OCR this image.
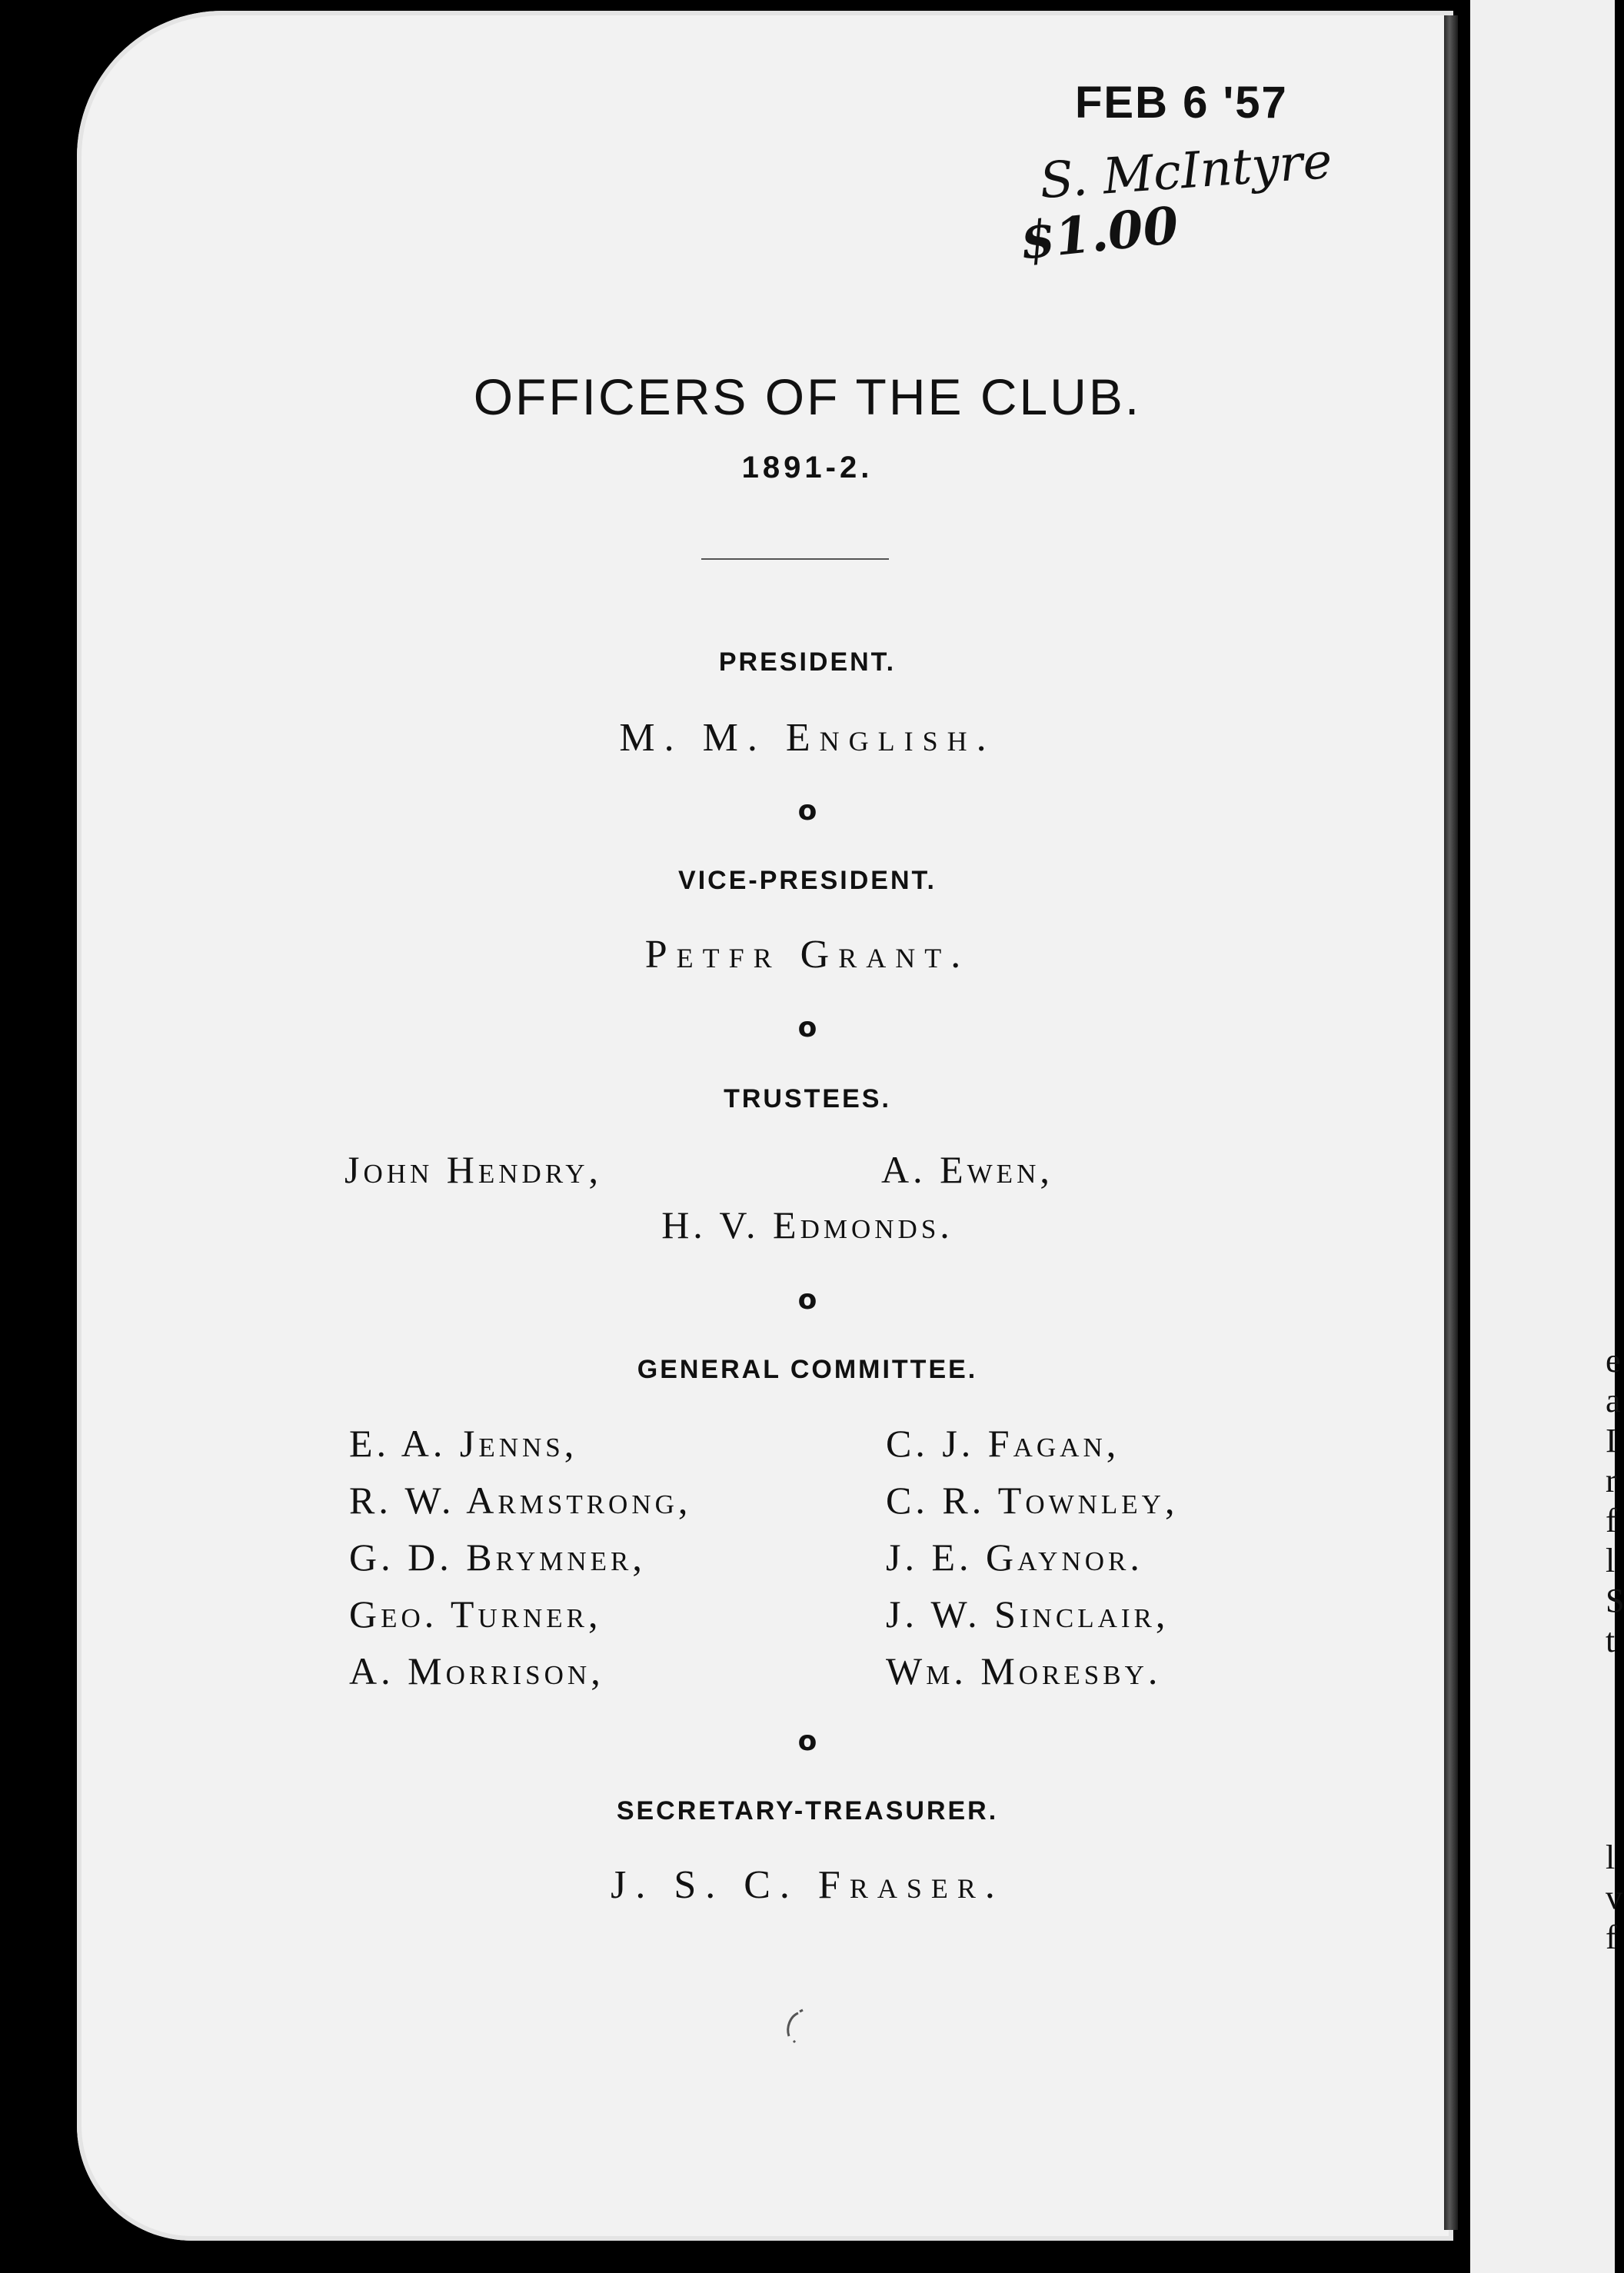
e
a
I
r
f
l
S
t
l
v
f
FEB 6 '57
S. McIntyre
$1.00
OFFICERS OF THE CLUB.
1891-2.
PRESIDENT.
M. M. English.
o
VICE-PRESIDENT.
Petfr Grant.
o
TRUSTEES.
John Hendry,	A. Ewen,
H. V. Edmonds.
o
GENERAL COMMITTEE.
E. A. Jenns,
R. W. Armstrong,
G. D. Brymner,
Geo. Turner,
A. Morrison,
C. J. Fagan,
C. R. Townley,
J. E. Gaynor.
J. W. Sinclair,
Wm. Moresby.
o
SECRETARY-TREASURER.
J. S. C. Fraser.
